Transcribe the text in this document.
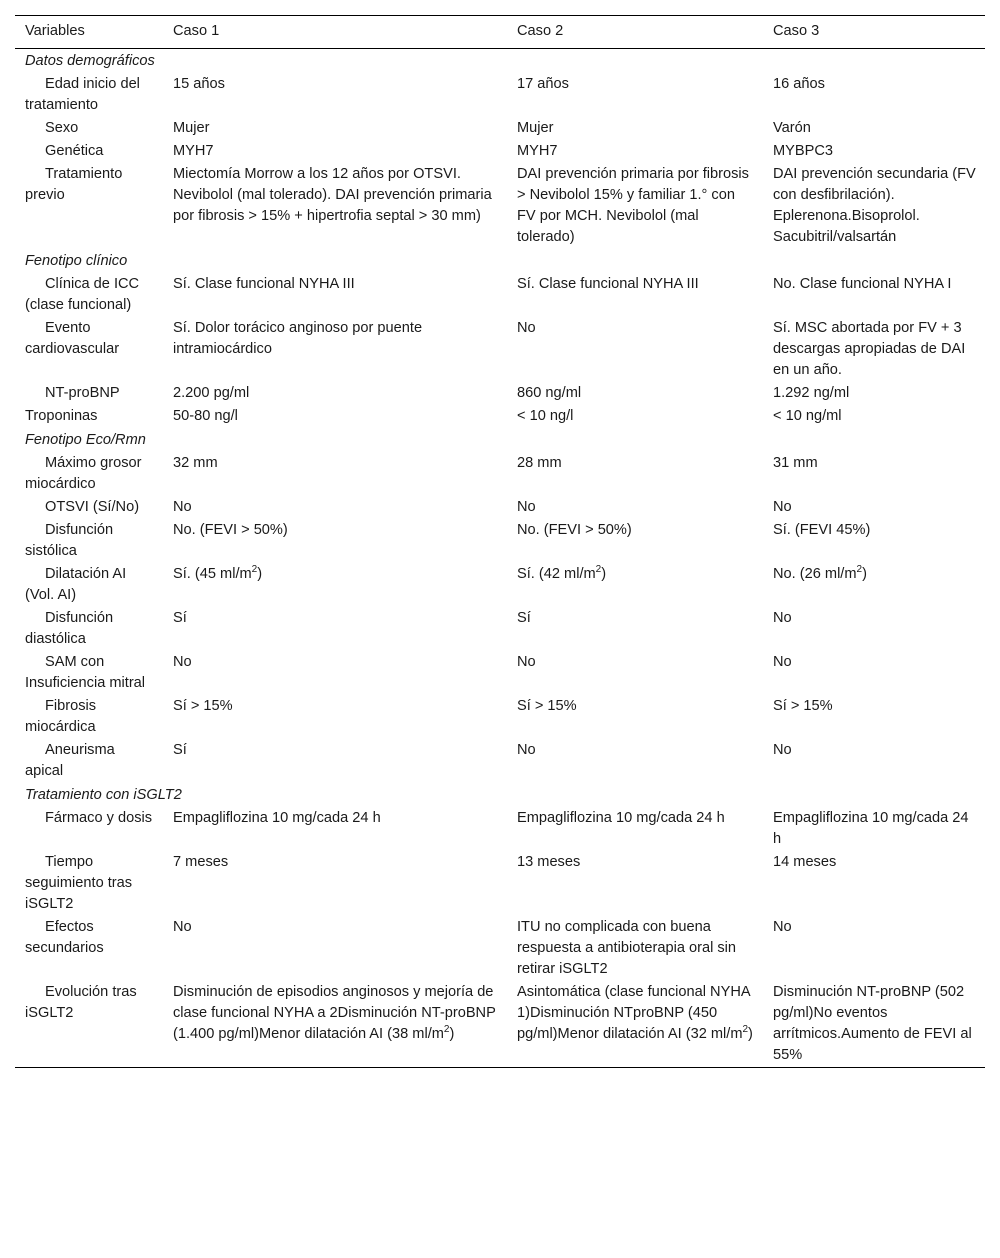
Variables	Caso 1	Caso 2	Caso 3
Datos demográficos			
Edad inicio del tratamiento	15 años	17 años	16 años
Sexo	Mujer	Mujer	Varón
Genética	MYH7	MYH7	MYBPC3
Tratamiento previo	Miectomía Morrow a los 12 años por OTSVI. Nevibolol (mal tolerado). DAI prevención primaria por fibrosis > 15% + hipertrofia septal > 30 mm)	DAI prevención primaria por fibrosis > Nevibolol 15% y familiar 1.° con FV por MCH. Nevibolol (mal tolerado)	DAI prevención secundaria (FV con desfibrilación). Eplerenona.Bisoprolol. Sacubitril/valsartán
Fenotipo clínico			
Clínica de ICC (clase funcional)	Sí. Clase funcional NYHA III	Sí. Clase funcional NYHA III	No. Clase funcional NYHA I
Evento cardiovascular	Sí. Dolor torácico anginoso por puente intramiocárdico	No	Sí. MSC abortada por FV + 3 descargas apropiadas de DAI en un año.
NT-proBNP	2.200 pg/ml	860 ng/ml	1.292 ng/ml
Troponinas	50-80 ng/l	< 10 ng/l	< 10 ng/ml
Fenotipo Eco/Rmn			
Máximo grosor miocárdico	32 mm	28 mm	31 mm
OTSVI (Sí/No)	No	No	No
Disfunción sistólica	No. (FEVI > 50%)	No. (FEVI > 50%)	Sí. (FEVI 45%)
Dilatación AI (Vol. AI)	Sí. (45 $ml/m^2$)	Sí. (42 $ml/m^2$)	No. (26 $ml/m^2$)
Disfunción diastólica	Sí	Sí	No
SAM con Insuficiencia mitral	No	No	No
Fibrosis miocárdica	Sí > 15%	Sí > 15%	Sí > 15%
Aneurisma apical	Sí	No	No
Tratamiento con iSGLT2			
Fármaco y dosis	Empagliflozina 10 mg/cada 24 h	Empagliflozina 10 mg/cada 24 h	Empagliflozina 10 mg/cada 24 h
Tiempo seguimiento tras iSGLT2	7 meses	13 meses	14 meses
Efectos secundarios	No	ITU no complicada con buena respuesta a antibioterapia oral sin retirar iSGLT2	No
Evolución tras iSGLT2	Disminución de episodios anginosos y mejoría de clase funcional NYHA a 2Disminución NT-proBNP (1.400 pg/ml)Menor dilatación AI (38 $ml/m^2$)	Asintomática (clase funcional NYHA 1)Disminución NTproBNP (450 pg/ml)Menor dilatación AI (32 $ml/m^2$)	Disminución NT-proBNP (502 pg/ml)No eventos arrítmicos.Aumento de FEVI al 55%
